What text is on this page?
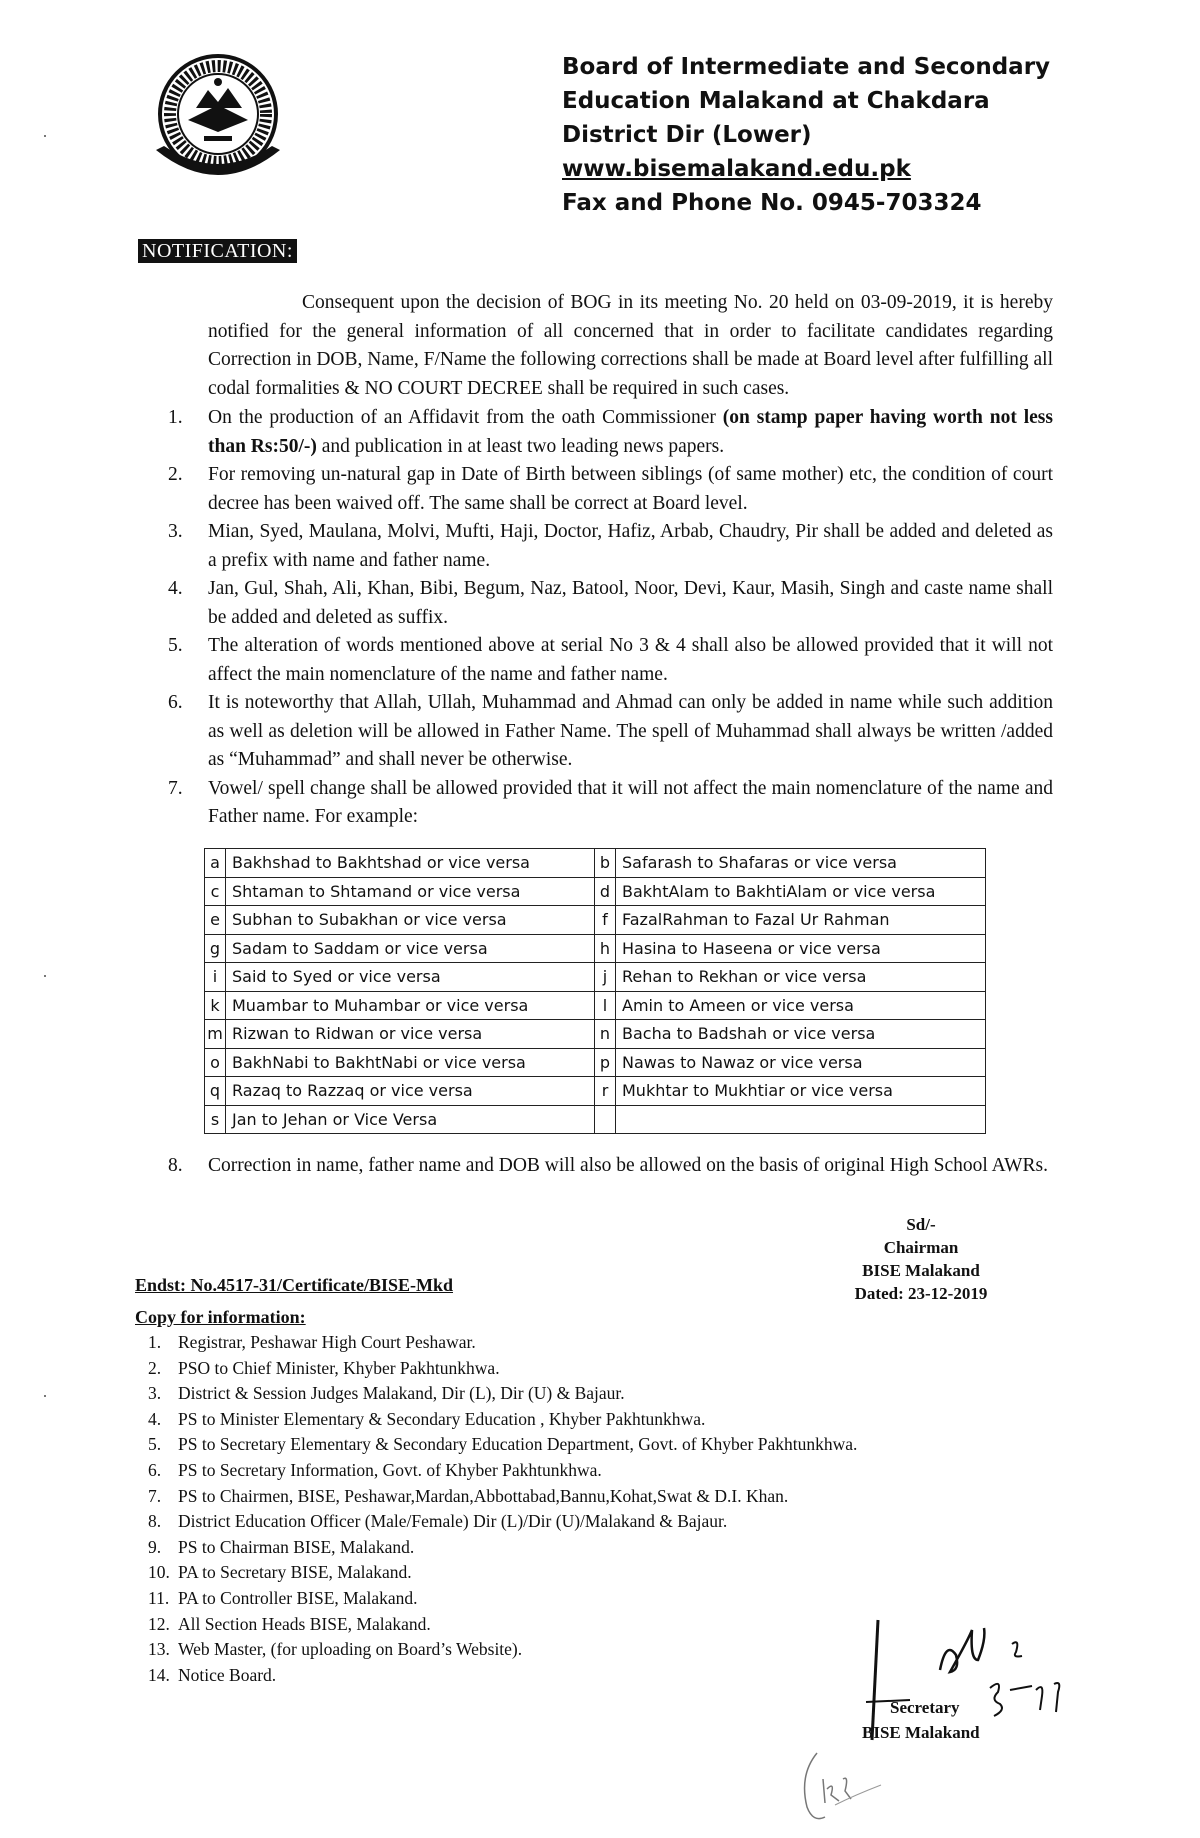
Board of Intermediate and Secondary
Education Malakand at Chakdara
District Dir (Lower)
www.bisemalakand.edu.pk
Fax and Phone No. 0945-703324
NOTIFICATION:
Consequent upon the decision of BOG in its meeting No. 20 held on 03-09-2019, it is hereby notified for the general information of all concerned that in order to facilitate candidates regarding Correction in DOB, Name, F/Name the following corrections shall be made at Board level after fulfilling all codal formalities & NO COURT DECREE shall be required in such cases.
1.	On the production of an Affidavit from the oath Commissioner (on stamp paper having worth not less than Rs:50/-) and publication in at least two leading news papers.
2.	For removing un-natural gap in Date of Birth between siblings (of same mother) etc, the condition of court decree has been waived off. The same shall be correct at Board level.
3.	Mian, Syed, Maulana, Molvi, Mufti, Haji, Doctor, Hafiz, Arbab, Chaudry, Pir shall be added and deleted as a prefix with name and father name.
4.	Jan, Gul, Shah, Ali, Khan, Bibi, Begum, Naz, Batool, Noor, Devi, Kaur, Masih, Singh and caste name shall be added and deleted as suffix.
5.	The alteration of words mentioned above at serial No 3 & 4 shall also be allowed provided that it will not affect the main nomenclature of the name and father name.
6.	It is noteworthy that Allah, Ullah, Muhammad and Ahmad can only be added in name while such addition as well as deletion will be allowed in Father Name. The spell of Muhammad shall always be written /added as “Muhammad” and shall never be otherwise.
7.	Vowel/ spell change shall be allowed provided that it will not affect the main nomenclature of the name and Father name. For example:
a	Bakhshad to Bakhtshad or vice versa	b	Safarash to Shafaras or vice versa
c	Shtaman to Shtamand or vice versa	d	BakhtAlam to BakhtiAlam or vice versa
e	Subhan to Subakhan or vice versa	f	FazalRahman to Fazal Ur Rahman
g	Sadam to Saddam or vice versa	h	Hasina to Haseena or vice versa
i	Said to Syed or vice versa	j	Rehan to Rekhan or vice versa
k	Muambar to Muhambar or vice versa	l	Amin to Ameen or vice versa
m	Rizwan to Ridwan or vice versa	n	Bacha to Badshah or vice versa
o	BakhNabi to BakhtNabi or vice versa	p	Nawas to Nawaz or vice versa
q	Razaq to Razzaq or vice versa	r	Mukhtar to Mukhtiar or vice versa
s	Jan to Jehan or Vice Versa		
8.	Correction in name, father name and DOB will also be allowed on the basis of original High School AWRs.
Sd/-
Chairman
BISE Malakand
Dated: 23-12-2019
Endst: No.4517-31/Certificate/BISE-Mkd
Copy for information:
1. Registrar, Peshawar High Court Peshawar.
2. PSO to Chief Minister, Khyber Pakhtunkhwa.
3. District & Session Judges Malakand, Dir (L), Dir (U) & Bajaur.
4. PS to Minister Elementary & Secondary Education , Khyber Pakhtunkhwa.
5. PS to Secretary Elementary & Secondary Education Department, Govt. of Khyber Pakhtunkhwa.
6. PS to Secretary Information, Govt. of Khyber Pakhtunkhwa.
7. PS to Chairmen, BISE, Peshawar,Mardan,Abbottabad,Bannu,Kohat,Swat & D.I. Khan.
8. District Education Officer (Male/Female) Dir (L)/Dir (U)/Malakand & Bajaur.
9. PS to Chairman BISE, Malakand.
10. PA to Secretary BISE, Malakand.
11. PA to Controller BISE, Malakand.
12. All Section Heads BISE, Malakand.
13. Web Master, (for uploading on Board’s Website).
14. Notice Board.
Secretary
BISE Malakand
